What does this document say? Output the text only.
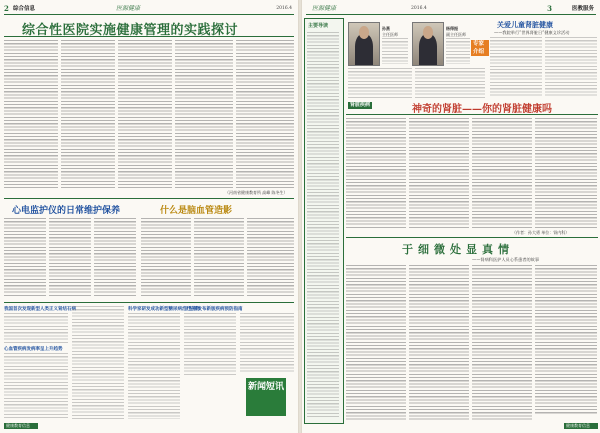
2 综合信息	医源健康	2016.4
综合性医院实施健康管理的实践探讨
（河南省健康教育所 高峰 陈冬生）
心电监护仪的日常维护保养	什么是脑血管造影
我国首次发现新型人类正义肾结石病
心血管疾病发病率呈上升趋势
科学家研发成功新型糖尿病治疗药物
卫生部发布新版疾病预防指南
新闻短讯
健康教育信息
医源健康	2016.4	3	医教服务
主要导读	孙燕
主任医师
杨得振
副主任医师
专家介绍
关爱儿童肾脏健康
——我院举行“世界肾脏日”健康义诊活动
肾脏疾病	神奇的肾脏——你的肾脏健康吗
（作者：孙大勇 单位：肾内科）
于细微处显真情
——肾病科医护人员心系患者的故事
健康教育信息
